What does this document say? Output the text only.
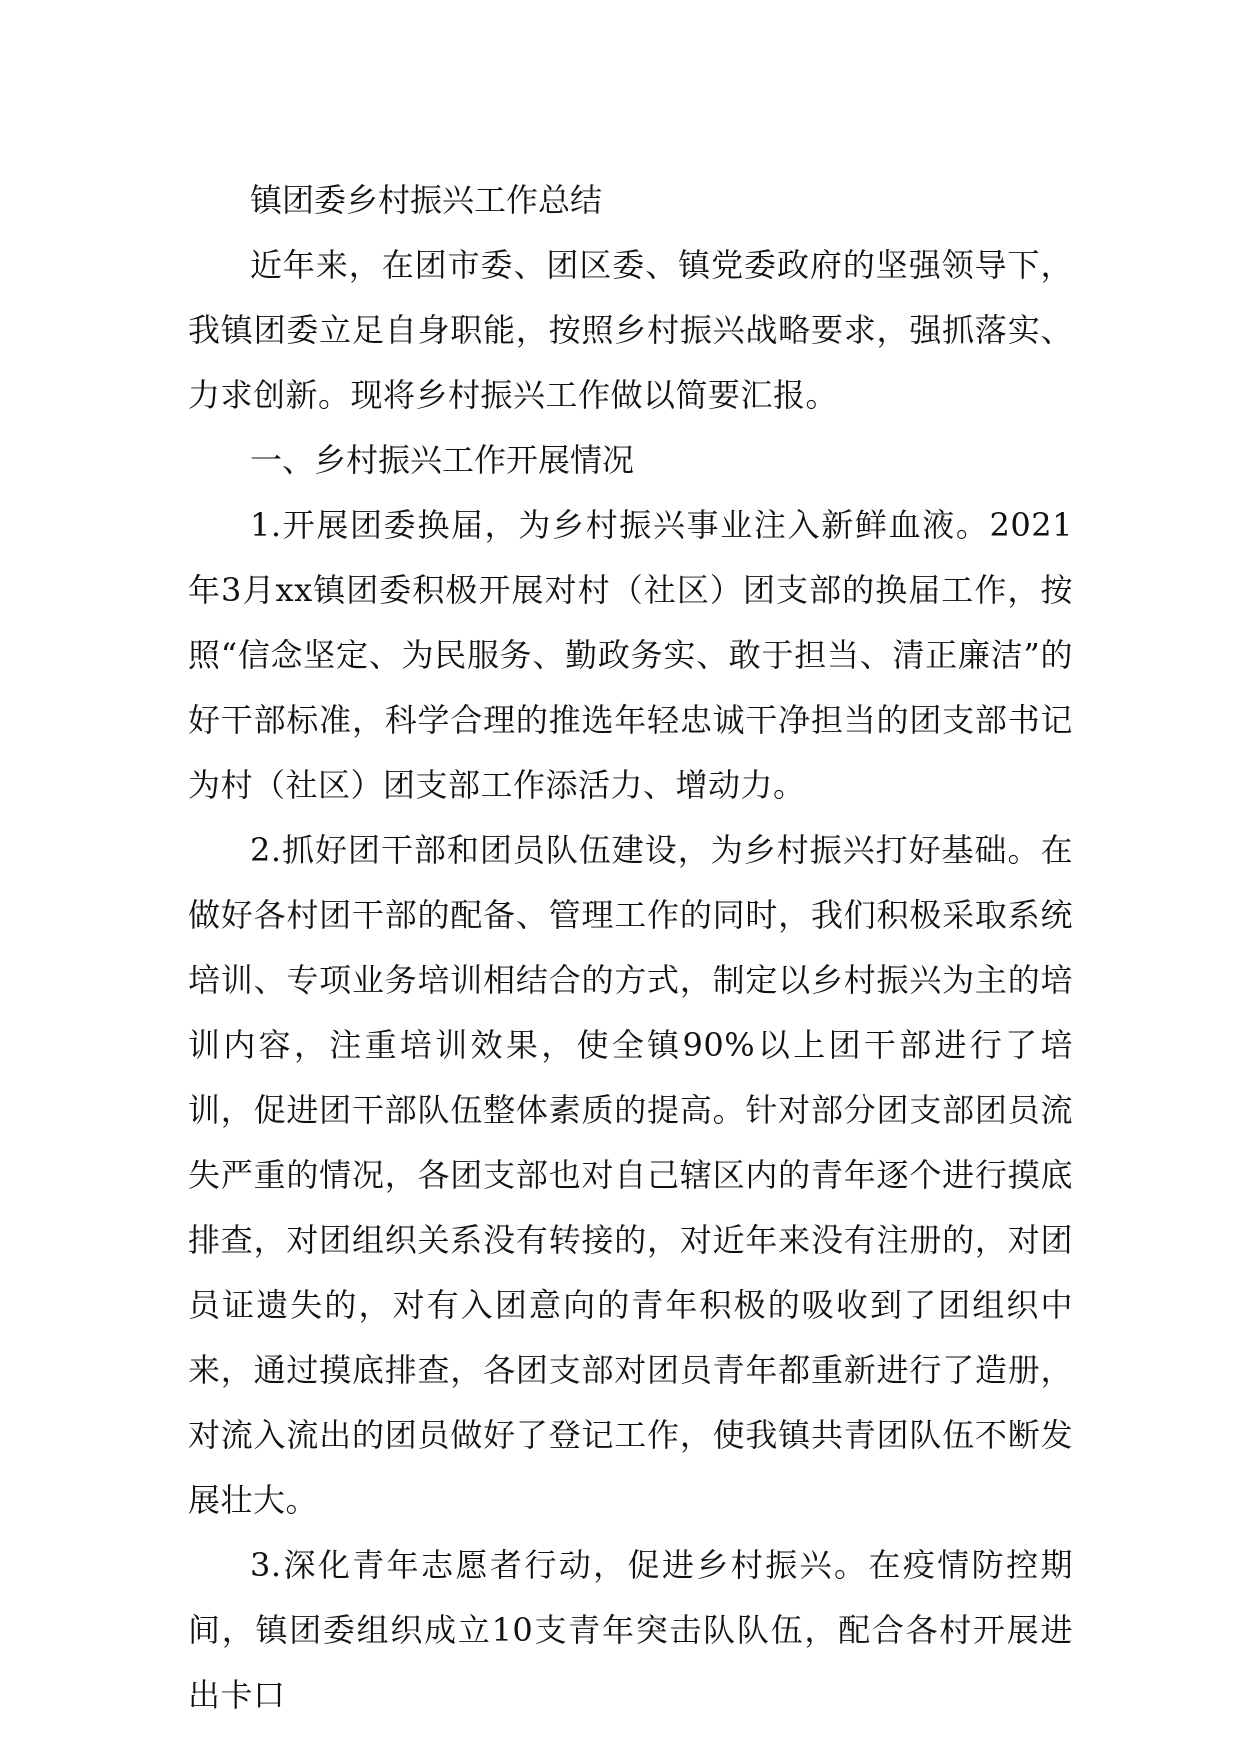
镇团委乡村振兴工作总结

近年来，在团市委、团区委、镇党委政府的坚强领导下，我镇团委立足自身职能，按照乡村振兴战略要求，强抓落实、力求创新。现将乡村振兴工作做以简要汇报。

一、乡村振兴工作开展情况

1.开展团委换届，为乡村振兴事业注入新鲜血液。2021年3月xx镇团委积极开展对村（社区）团支部的换届工作，按照“信念坚定、为民服务、勤政务实、敢于担当、清正廉洁”的好干部标准，科学合理的推选年轻忠诚干净担当的团支部书记为村（社区）团支部工作添活力、增动力。

2.抓好团干部和团员队伍建设，为乡村振兴打好基础。在做好各村团干部的配备、管理工作的同时，我们积极采取系统培训、专项业务培训相结合的方式，制定以乡村振兴为主的培训内容，注重培训效果，使全镇90%以上团干部进行了培训，促进团干部队伍整体素质的提高。针对部分团支部团员流失严重的情况，各团支部也对自己辖区内的青年逐个进行摸底排查，对团组织关系没有转接的，对近年来没有注册的，对团员证遗失的，对有入团意向的青年积极的吸收到了团组织中来，通过摸底排查，各团支部对团员青年都重新进行了造册，对流入流出的团员做好了登记工作，使我镇共青团队伍不断发展壮大。

3.深化青年志愿者行动，促进乡村振兴。在疫情防控期间，镇团委组织成立10支青年突击队队伍，配合各村开展进出卡口
